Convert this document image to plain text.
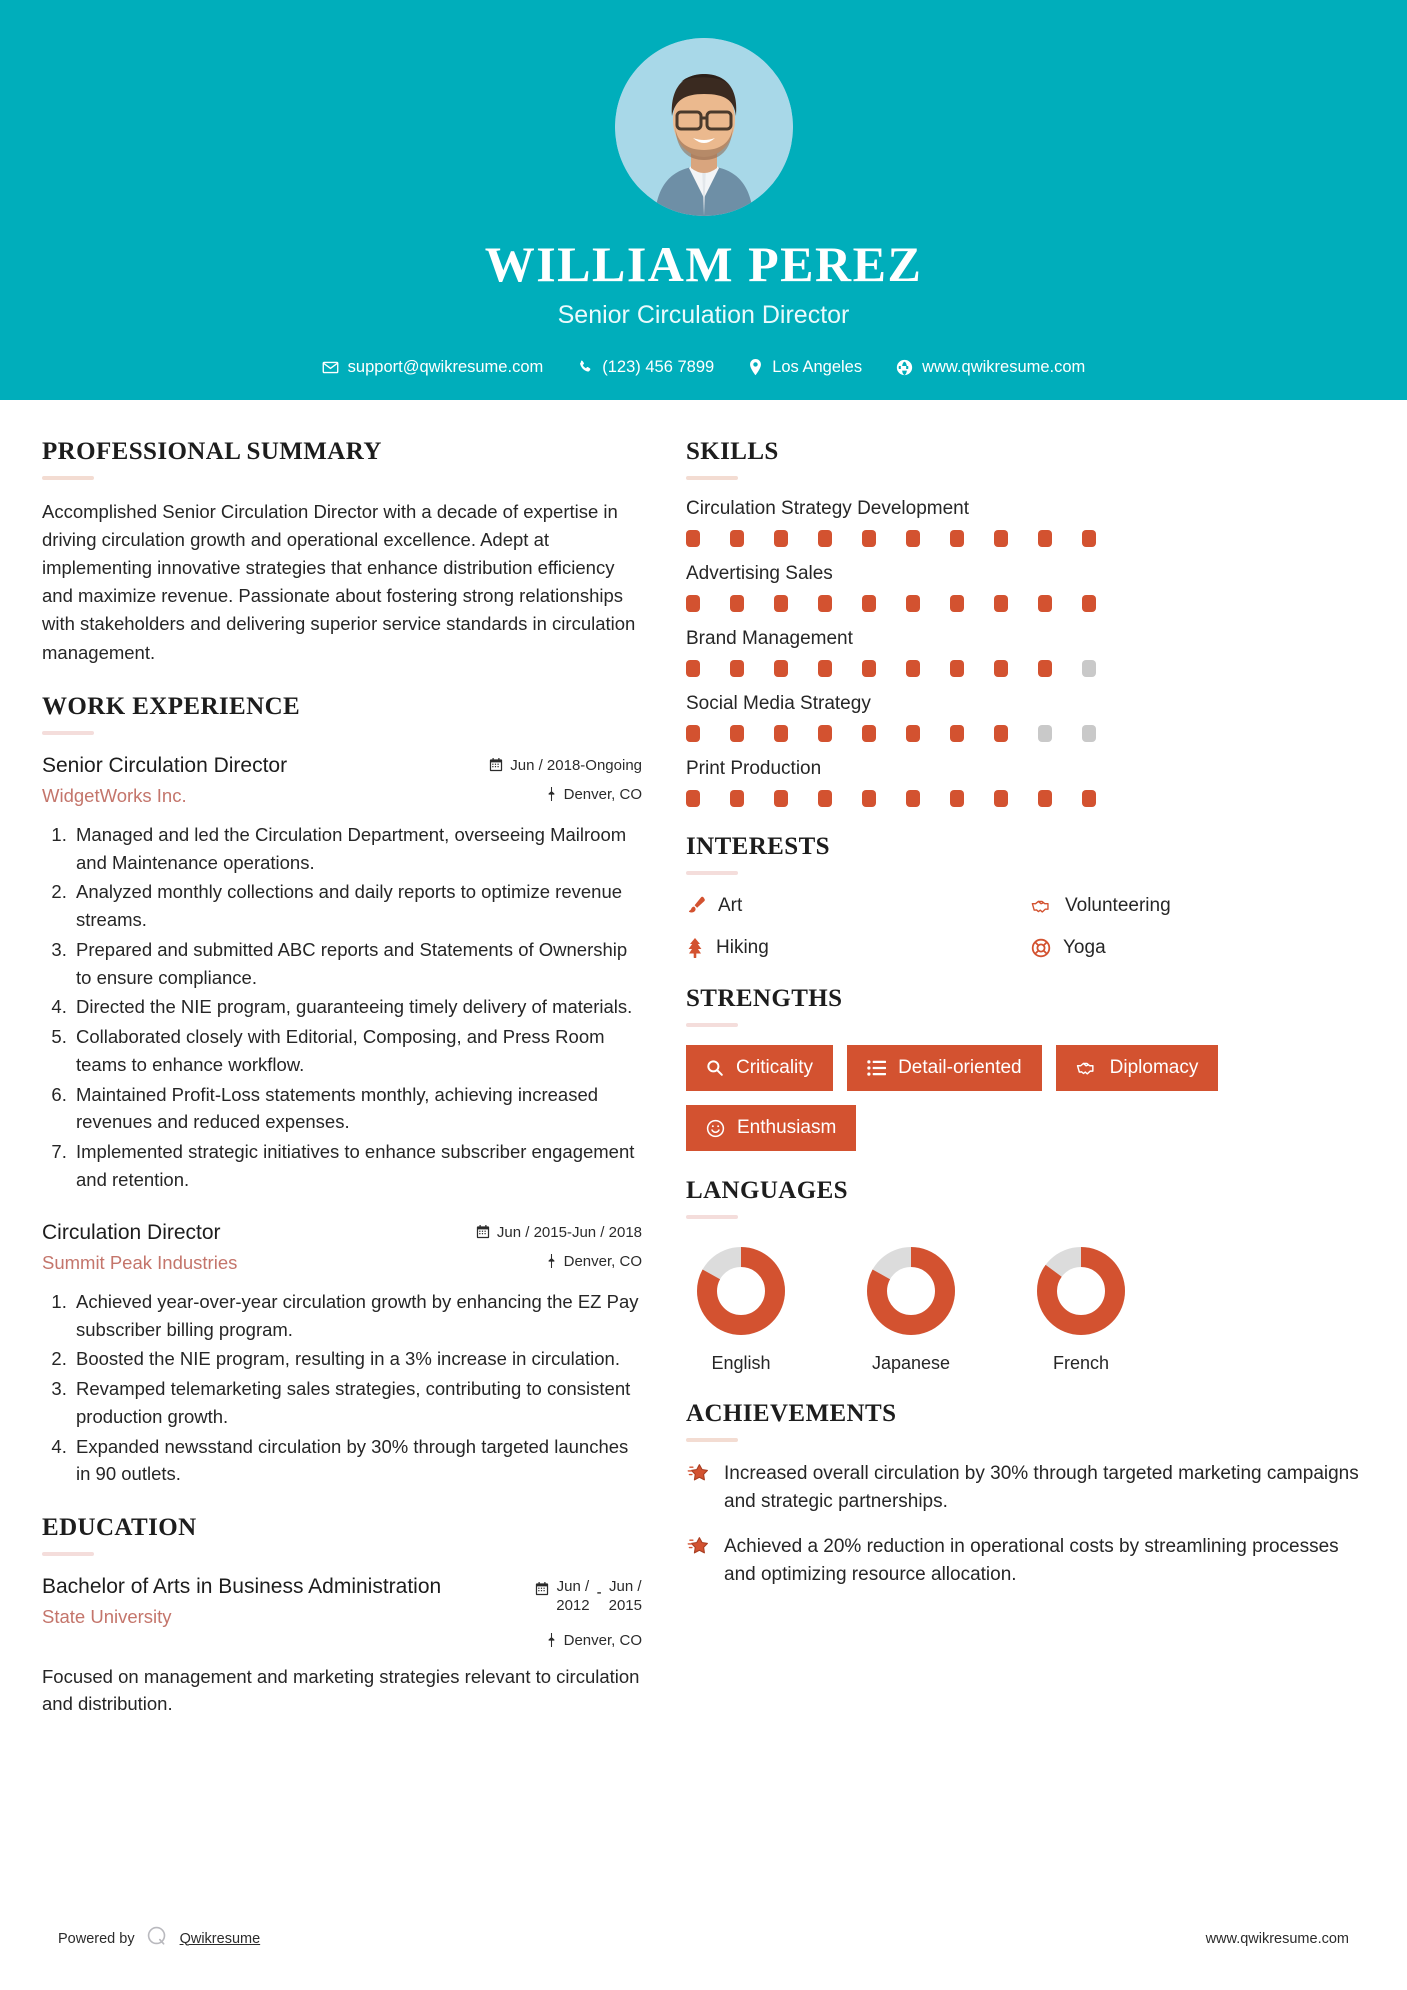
WILLIAM PEREZ
Senior Circulation Director
support@qwikresume.com	(123) 456 7899	Los Angeles	www.qwikresume.com
PROFESSIONAL SUMMARY
Accomplished Senior Circulation Director with a decade of expertise in driving circulation growth and operational excellence. Adept at implementing innovative strategies that enhance distribution efficiency and maximize revenue. Passionate about fostering strong relationships with stakeholders and delivering superior service standards in circulation management.
WORK EXPERIENCE
Senior Circulation Director
WidgetWorks Inc.
Jun / 2018-Ongoing
Denver, CO
1. Managed and led the Circulation Department, overseeing Mailroom and Maintenance operations.
2. Analyzed monthly collections and daily reports to optimize revenue streams.
3. Prepared and submitted ABC reports and Statements of Ownership to ensure compliance.
4. Directed the NIE program, guaranteeing timely delivery of materials.
5. Collaborated closely with Editorial, Composing, and Press Room teams to enhance workflow.
6. Maintained Profit-Loss statements monthly, achieving increased revenues and reduced expenses.
7. Implemented strategic initiatives to enhance subscriber engagement and retention.
Circulation Director
Summit Peak Industries
Jun / 2015-Jun / 2018
Denver, CO
1. Achieved year-over-year circulation growth by enhancing the EZ Pay subscriber billing program.
2. Boosted the NIE program, resulting in a 3% increase in circulation.
3. Revamped telemarketing sales strategies, contributing to consistent production growth.
4. Expanded newsstand circulation by 30% through targeted launches in 90 outlets.
EDUCATION
Bachelor of Arts in Business Administration
State University
Jun /
2012
- Jun /
2015
Denver, CO
Focused on management and marketing strategies relevant to circulation and distribution.
SKILLS
Circulation Strategy Development
Advertising Sales
Brand Management
Social Media Strategy
Print Production
INTERESTS
Art	Volunteering
Hiking	Yoga
STRENGTHS
Criticality	Detail-oriented	Diplomacy
Enthusiasm
LANGUAGES
English	Japanese	French
ACHIEVEMENTS
Increased overall circulation by 30% through targeted marketing campaigns and strategic partnerships.
Achieved a 20% reduction in operational costs by streamlining processes and optimizing resource allocation.
Powered by	Qwikresume	www.qwikresume.com
